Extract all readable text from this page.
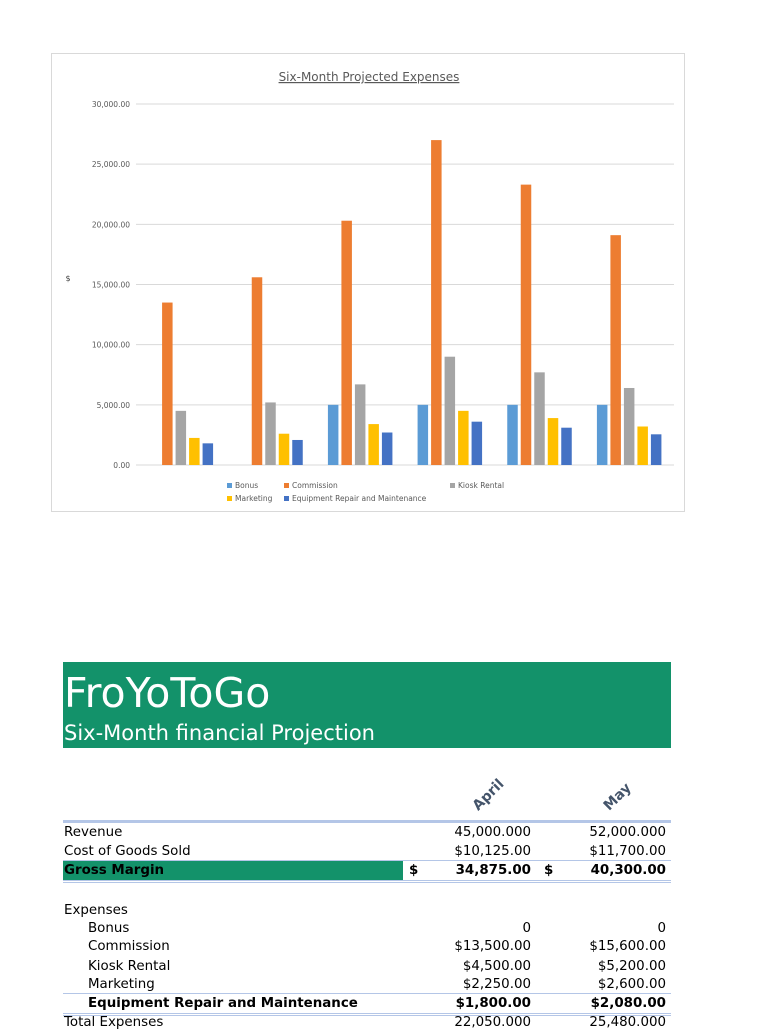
Six-Month Projected Expenses
0.00
5,000.00
10,000.00
15,000.00
20,000.00
25,000.00
30,000.00
$
Bonus	Commission	Kiosk Rental
Marketing	Equipment Repair and Maintenance
FroYoToGo
Six-Month financial Projection
April	May
Revenue	45,000.000	52,000.000
Cost of Goods Sold	$10,125.00	$11,700.00
Gross Margin	$	34,875.00 $	40,300.00
Expenses
Bonus	0	0
Commission	$13,500.00	$15,600.00
Kiosk Rental	$4,500.00	$5,200.00
Marketing	$2,250.00	$2,600.00
Equipment Repair and Maintenance	$1,800.00	$2,080.00
Total Expenses	22,050.000	25,480.000
